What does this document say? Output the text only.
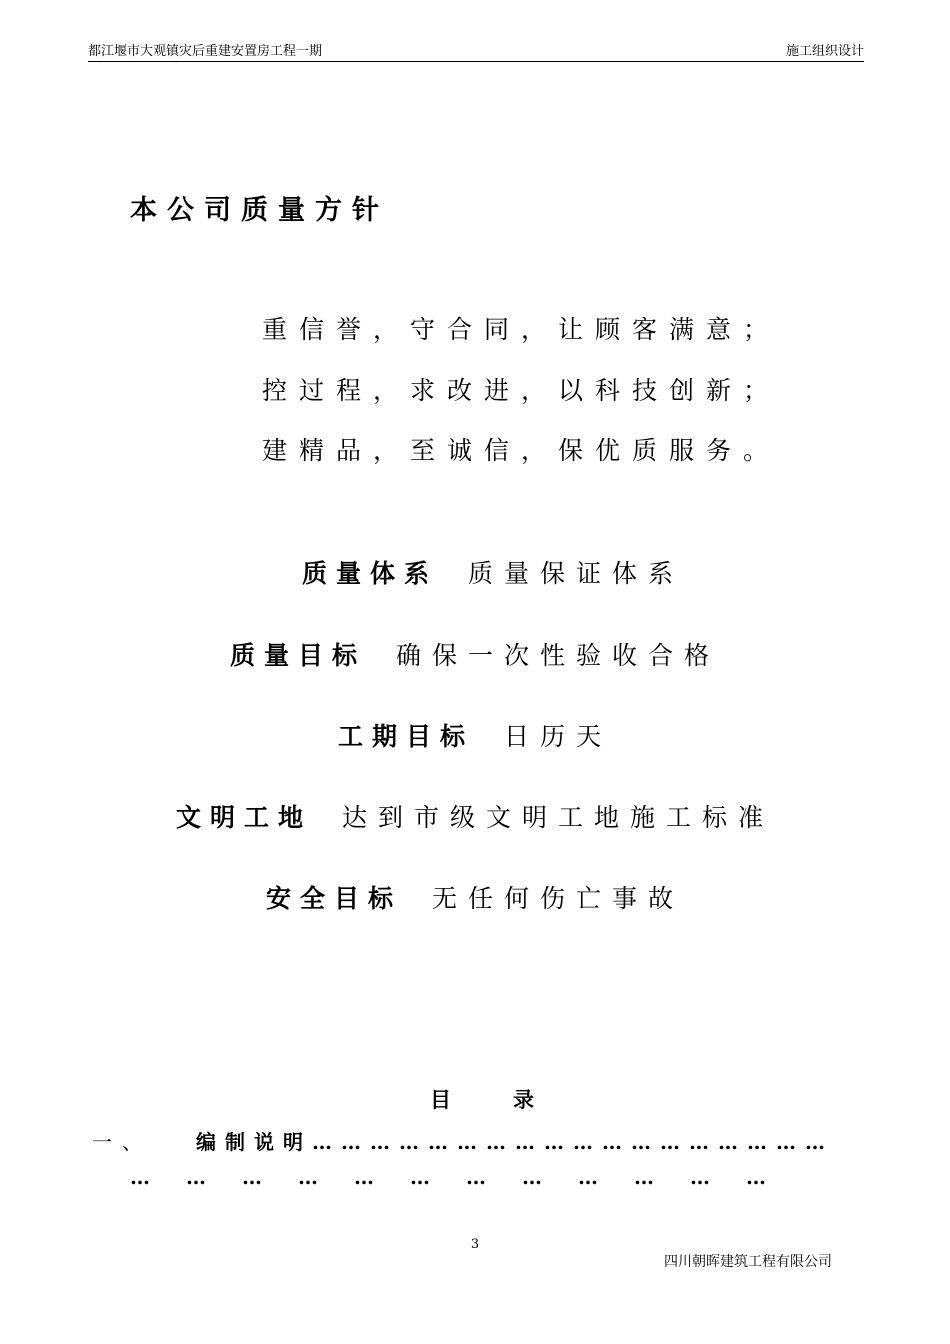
都江堰市大观镇灾后重建安置房工程一期	施工组织设计
本公司质量方针
重信誉，守合同，让顾客满意；
控过程，求改进，以科技创新；
建精品，至诚信，保优质服务。
质量体系 质量保证体系
质量目标 确保一次性验收合格
工期目标 日历天
文明工地 达到市级文明工地施工标准
安全目标 无任何伤亡事故
目录
一、 编制说明………………………………………………
………………………………
3
四川朝晖建筑工程有限公司
